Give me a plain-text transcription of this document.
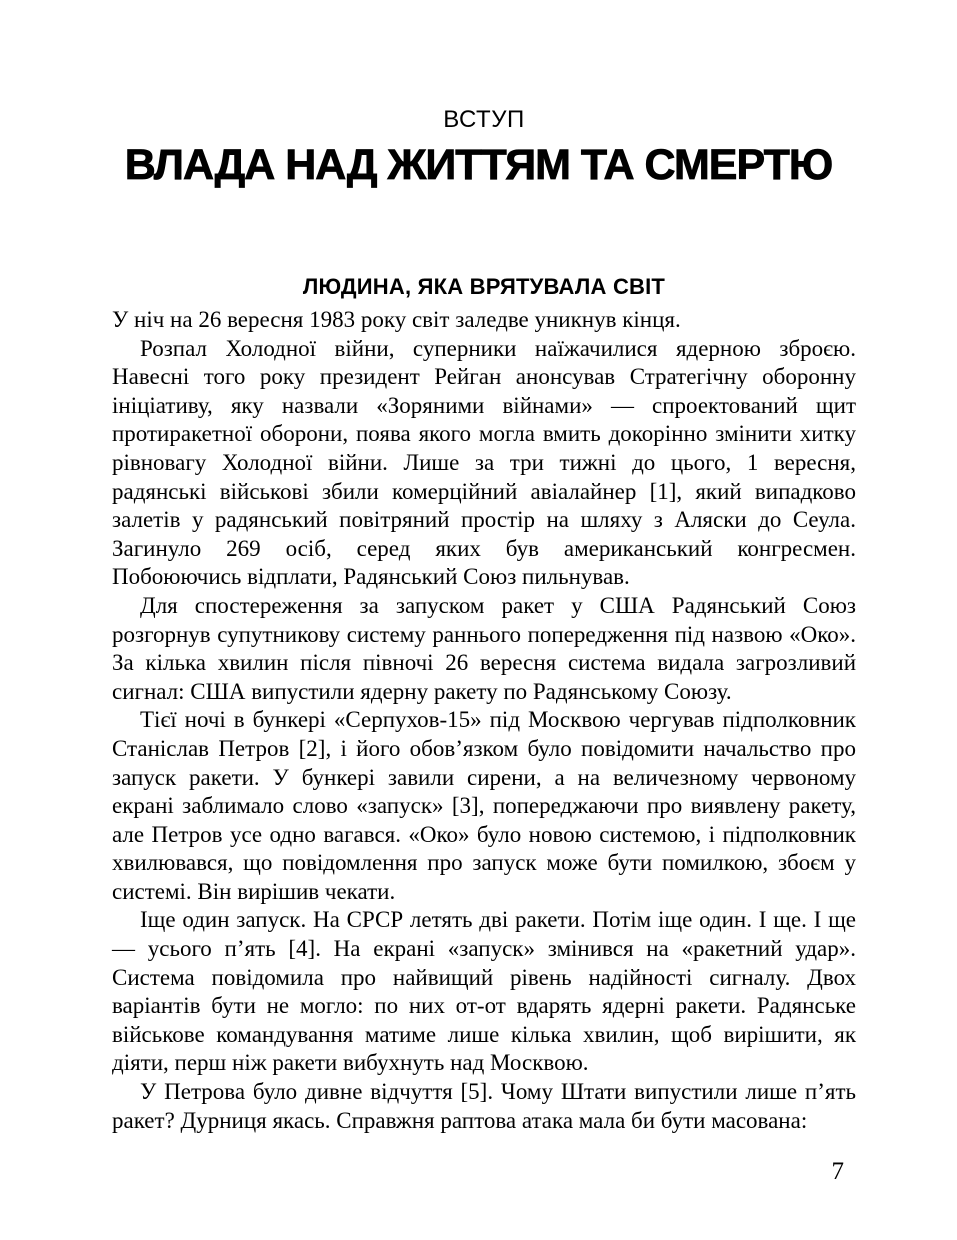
ВСТУП
ВЛАДА НАД ЖИТТЯМ ТА СМЕРТЮ
ЛЮДИНА, ЯКА ВРЯТУВАЛА СВІТ

У ніч на 26 вересня 1983 року світ заледве уникнув кінця.

Розпал Холодної війни, суперники наїжачилися ядерною зброєю. Навесні того року президент Рейган анонсував Стратегічну оборонну ініціативу, яку назвали «Зоряними війнами» — спроектований щит протиракетної оборони, поява якого могла вмить докорінно змінити хитку рівновагу Холодної війни. Лише за три тижні до цього, 1 вересня, радянські військові збили комерційний авіалайнер [1], який випадково залетів у радянський повітряний простір на шляху з Аляски до Сеула. Загинуло 269 осіб, серед яких був американський конгресмен. Побоюючись відплати, Радянський Союз пильнував.

Для спостереження за запуском ракет у США Радянський Союз розгорнув супутникову систему раннього попередження під назвою «Око». За кілька хвилин після півночі 26 вересня система видала загрозливий сигнал: США випустили ядерну ракету по Радянському Союзу.

Тієї ночі в бункері «Серпухов-15» під Москвою чергував підполковник Станіслав Петров [2], і його обов’язком було повідомити начальство про запуск ракети. У бункері завили сирени, а на величезному червоному екрані заблимало слово «запуск» [3], попереджаючи про виявлену ракету, але Петров усе одно вагався. «Око» було новою системою, і підполковник хвилювався, що повідомлення про запуск може бути помилкою, збоєм у системі. Він вирішив чекати.

Іще один запуск. На СРСР летять дві ракети. Потім іще один. І ще. І ще — усього п’ять [4]. На екрані «запуск» змінився на «ракетний удар». Система повідомила про найвищий рівень надійності сигналу. Двох варіантів бути не могло: по них от-от вдарять ядерні ракети. Радянське військове командування матиме лише кілька хвилин, щоб вирішити, як діяти, перш ніж ракети вибухнуть над Москвою.

У Петрова було дивне відчуття [5]. Чому Штати випустили лише п’ять ракет? Дурниця якась. Справжня раптова атака мала би бути масована:

7
